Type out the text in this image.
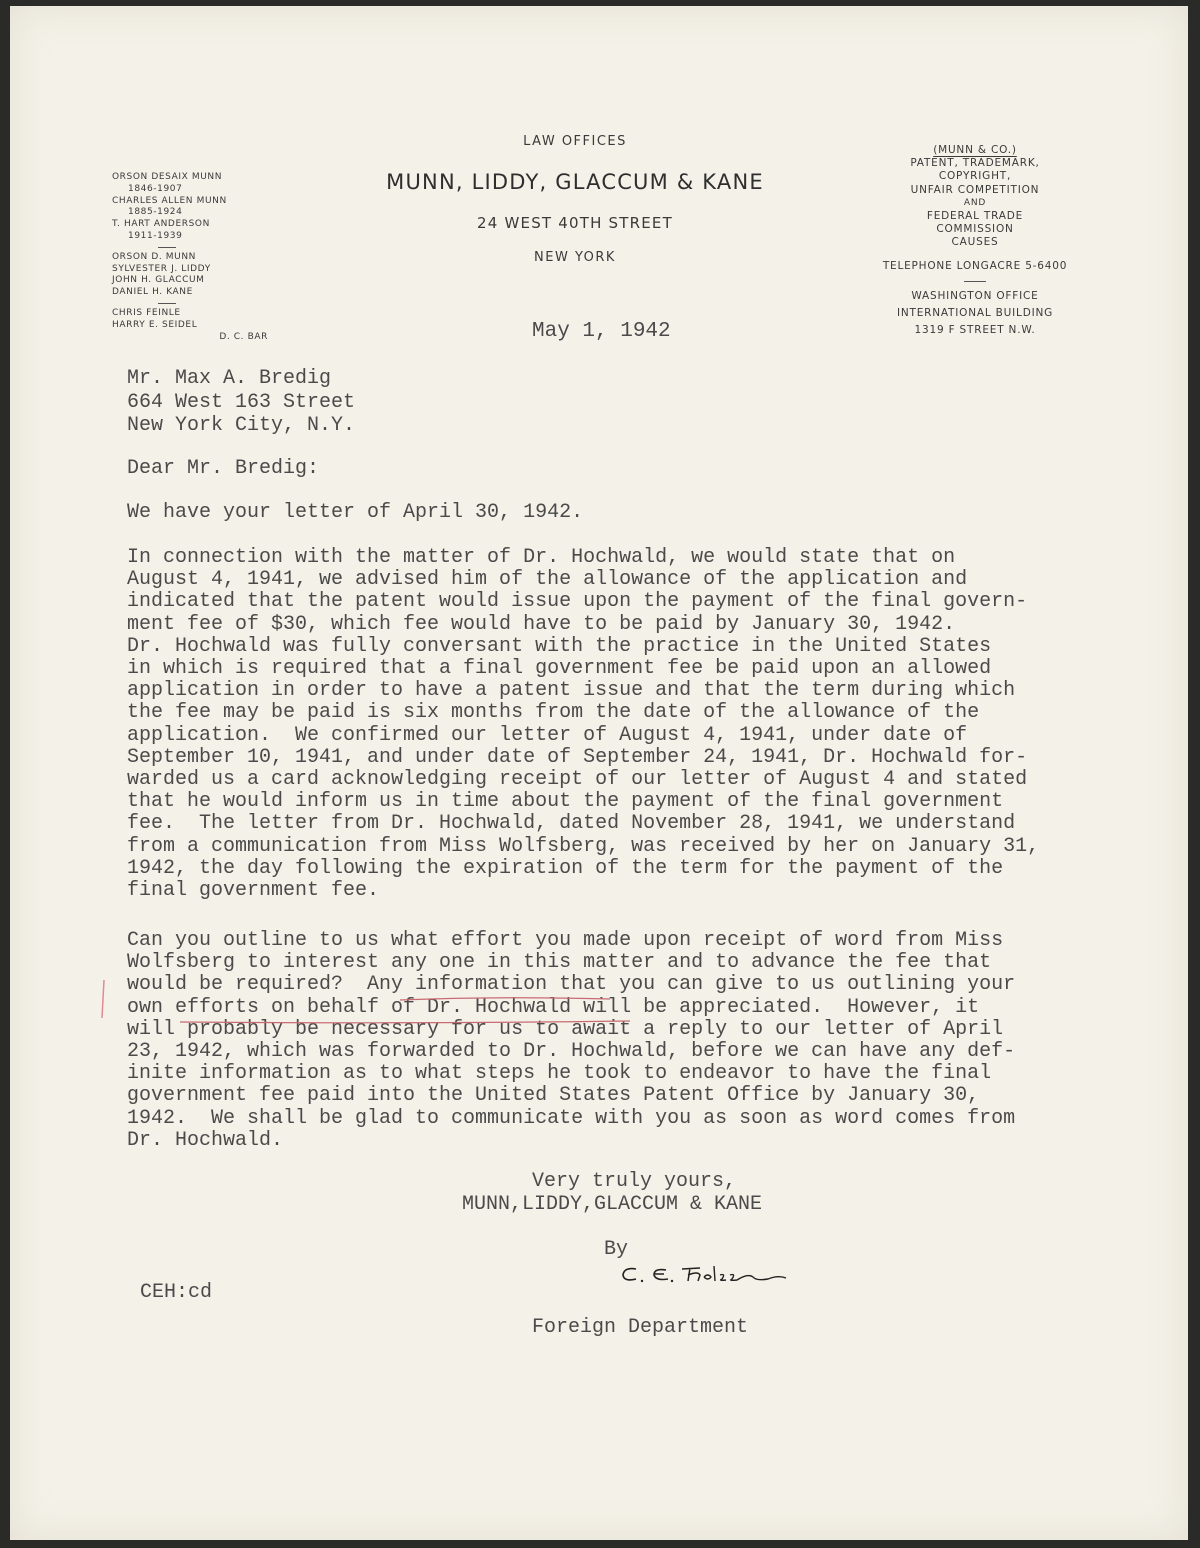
LAW OFFICES
MUNN, LIDDY, GLACCUM & KANE
24 WEST 40TH STREET
NEW YORK
ORSON DESAIX MUNN
1846-1907
CHARLES ALLEN MUNN
1885-1924
T. HART ANDERSON
1911-1939
ORSON D. MUNN
SYLVESTER J. LIDDY
JOHN H. GLACCUM
DANIEL H. KANE
CHRIS FEINLE
HARRY E. SEIDEL
D. C. BAR
(MUNN & CO.)
PATENT, TRADEMARK,
COPYRIGHT,
UNFAIR COMPETITION
AND
FEDERAL TRADE
COMMISSION
CAUSES
TELEPHONE LONGACRE 5-6400
WASHINGTON OFFICE
INTERNATIONAL BUILDING
1319 F STREET N.W.
May 1, 1942
Mr. Max A. Bredig
664 West 163 Street
New York City, N.Y.
Dear Mr. Bredig:
We have your letter of April 30, 1942.
In connection with the matter of Dr. Hochwald, we would state that on
August 4, 1941, we advised him of the allowance of the application and
indicated that the patent would issue upon the payment of the final govern-
ment fee of $30, which fee would have to be paid by January 30, 1942.
Dr. Hochwald was fully conversant with the practice in the United States
in which is required that a final government fee be paid upon an allowed
application in order to have a patent issue and that the term during which
the fee may be paid is six months from the date of the allowance of the
application.  We confirmed our letter of August 4, 1941, under date of
September 10, 1941, and under date of September 24, 1941, Dr. Hochwald for-
warded us a card acknowledging receipt of our letter of August 4 and stated
that he would inform us in time about the payment of the final government
fee.  The letter from Dr. Hochwald, dated November 28, 1941, we understand
from a communication from Miss Wolfsberg, was received by her on January 31,
1942, the day following the expiration of the term for the payment of the
final government fee.
Can you outline to us what effort you made upon receipt of word from Miss
Wolfsberg to interest any one in this matter and to advance the fee that
would be required?  Any information that you can give to us outlining your
own efforts on behalf of Dr. Hochwald will be appreciated.  However, it
will probably be necessary for us to await a reply to our letter of April
23, 1942, which was forwarded to Dr. Hochwald, before we can have any def-
inite information as to what steps he took to endeavor to have the final
government fee paid into the United States Patent Office by January 30,
1942.  We shall be glad to communicate with you as soon as word comes from
Dr. Hochwald.
Very truly yours,
MUNN,LIDDY,GLACCUM & KANE

By

Foreign Department
CEH:cd
